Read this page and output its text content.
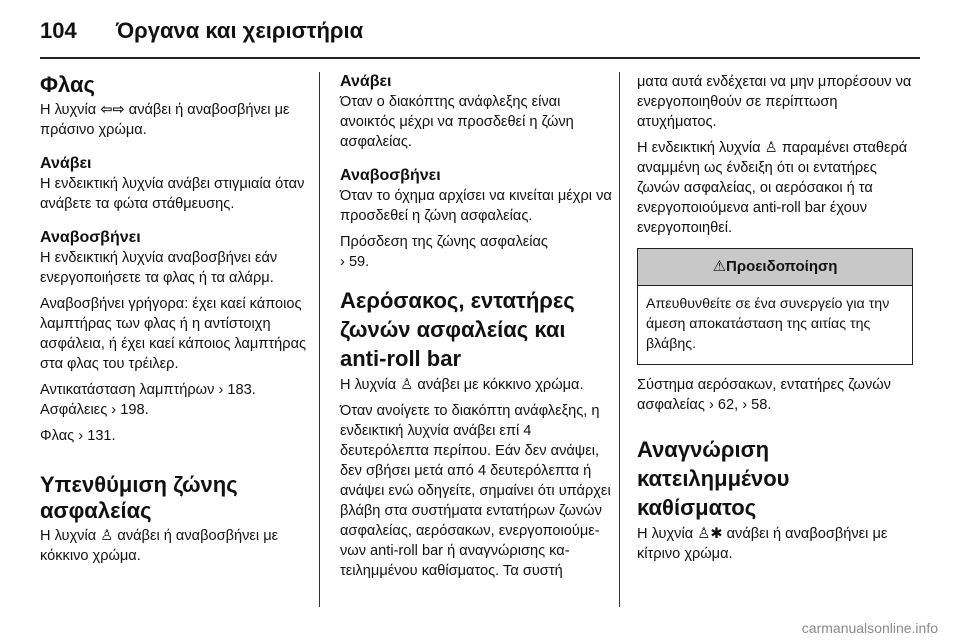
104	Όργανα και χειριστήρια
Φλας

Η λυχνία ⇦⇨ ανάβει ή αναβοσβήνει με πράσινο χρώμα.

Ανάβει

Η ενδεικτική λυχνία ανάβει στιγμιαία όταν ανάβετε τα φώτα στάθμευσης.

Αναβοσβήνει

Η ενδεικτική λυχνία αναβοσβήνει εάν ενεργοποιήσετε τα φλας ή τα αλάρμ.

Αναβοσβήνει γρήγορα: έχει καεί κάποιος λαμπτήρας των φλας ή η αντίστοιχη ασφάλεια, ή έχει καεί κάποιος λαμπτήρας στα φλας του τρέιλερ.

Αντικατάσταση λαμπτήρων › 183.

Ασφάλειες › 198.

Φλας › 131.

Υπενθύμιση ζώνης ασφαλείας

Η λυχνία ♙ ανάβει ή αναβοσβήνει με κόκκινο χρώμα.

Ανάβει

Όταν ο διακόπτης ανάφλεξης είναι ανοικτός μέχρι να προσδεθεί η ζώνη ασφαλείας.

Αναβοσβήνει

Όταν το όχημα αρχίσει να κινείται μέχρι να προσδεθεί η ζώνη ασφαλείας.

Πρόσδεση της ζώνης ασφαλείας
› 59.

Αερόσακος, εντατήρες ζωνών ασφαλείας και anti-roll bar

Η λυχνία ♙ ανάβει με κόκκινο χρώμα.

Όταν ανοίγετε το διακόπτη ανάφλεξης, η ενδεικτική λυχνία ανάβει επί 4 δευτερόλεπτα περίπου. Εάν δεν ανάψει, δεν σβήσει μετά από 4 δευτερόλεπτα ή ανάψει ενώ οδηγείτε, σημαίνει ότι υπάρχει βλάβη στα συστήματα εντατήρων ζωνών ασφαλείας, αερόσακων, ενεργοποιούμενων anti-roll bar ή αναγνώρισης κατειλημμένου καθίσματος. Τα συστή

ματα αυτά ενδέχεται να μην μπορέσουν να ενεργοποιηθούν σε περίπτωση ατυχήματος.

Η ενδεικτική λυχνία ♙ παραμένει σταθερά αναμμένη ως ένδειξη ότι οι εντατήρες ζωνών ασφαλείας, οι αερόσακοι ή τα ενεργοποιούμενα anti-roll bar έχουν ενεργοποιηθεί.

⚠ Προειδοποίηση
Απευθυνθείτε σε ένα συνεργείο για την άμεση αποκατάσταση της αιτίας της βλάβης.

Σύστημα αερόσακων, εντατήρες ζωνών ασφαλείας › 62, › 58.

Αναγνώριση κατειλημμένου καθίσματος

Η λυχνία ♙✱ ανάβει ή αναβοσβήνει με κίτρινο χρώμα.

carmanualsonline.info
